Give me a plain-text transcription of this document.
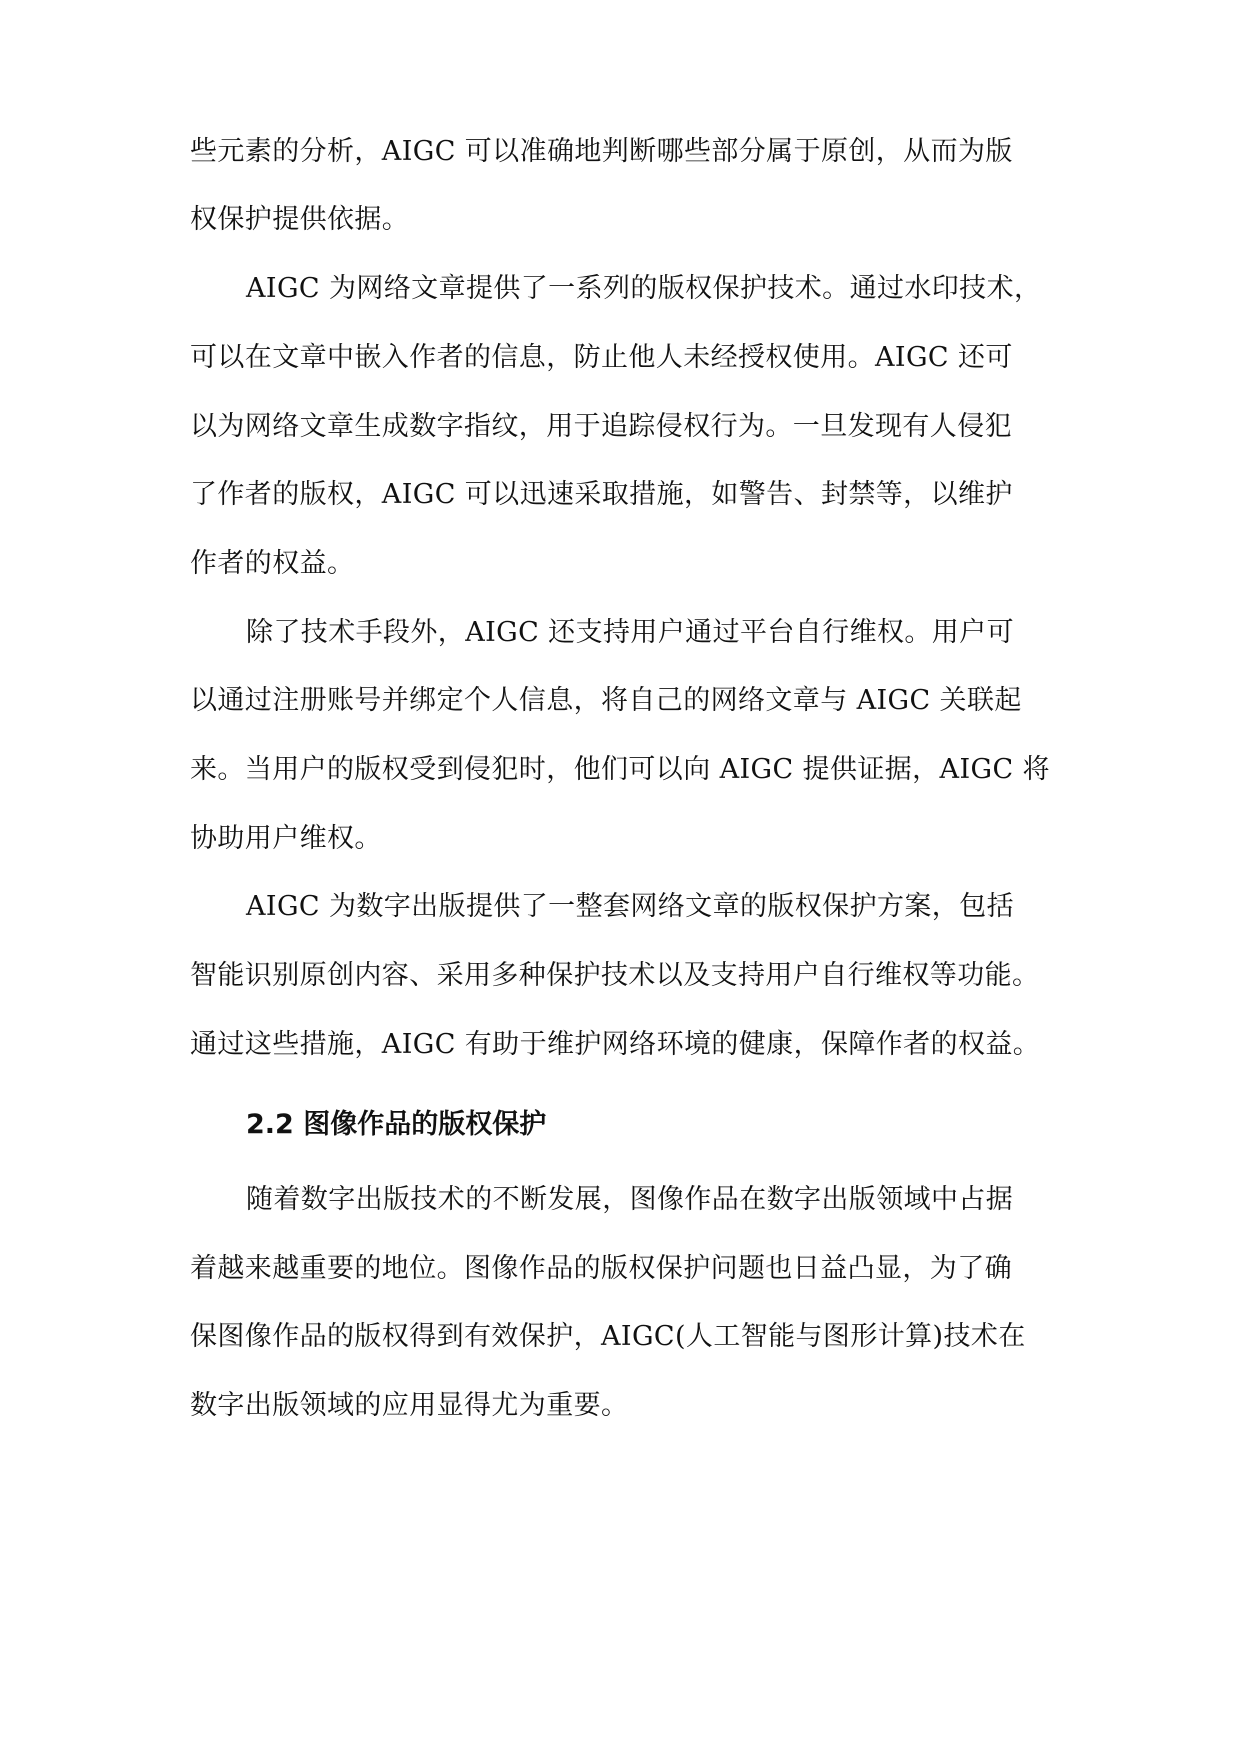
些元素的分析，AIGC 可以准确地判断哪些部分属于原创，从而为版
权保护提供依据。
AIGC 为网络文章提供了一系列的版权保护技术。通过水印技术，
可以在文章中嵌入作者的信息，防止他人未经授权使用。AIGC 还可
以为网络文章生成数字指纹，用于追踪侵权行为。一旦发现有人侵犯
了作者的版权，AIGC 可以迅速采取措施，如警告、封禁等，以维护
作者的权益。
除了技术手段外，AIGC 还支持用户通过平台自行维权。用户可
以通过注册账号并绑定个人信息，将自己的网络文章与 AIGC 关联起
来。当用户的版权受到侵犯时，他们可以向 AIGC 提供证据，AIGC 将
协助用户维权。
AIGC 为数字出版提供了一整套网络文章的版权保护方案，包括
智能识别原创内容、采用多种保护技术以及支持用户自行维权等功能。
通过这些措施，AIGC 有助于维护网络环境的健康，保障作者的权益。
2.2 图像作品的版权保护
随着数字出版技术的不断发展，图像作品在数字出版领域中占据
着越来越重要的地位。图像作品的版权保护问题也日益凸显，为了确
保图像作品的版权得到有效保护，AIGC(人工智能与图形计算)技术在
数字出版领域的应用显得尤为重要。
